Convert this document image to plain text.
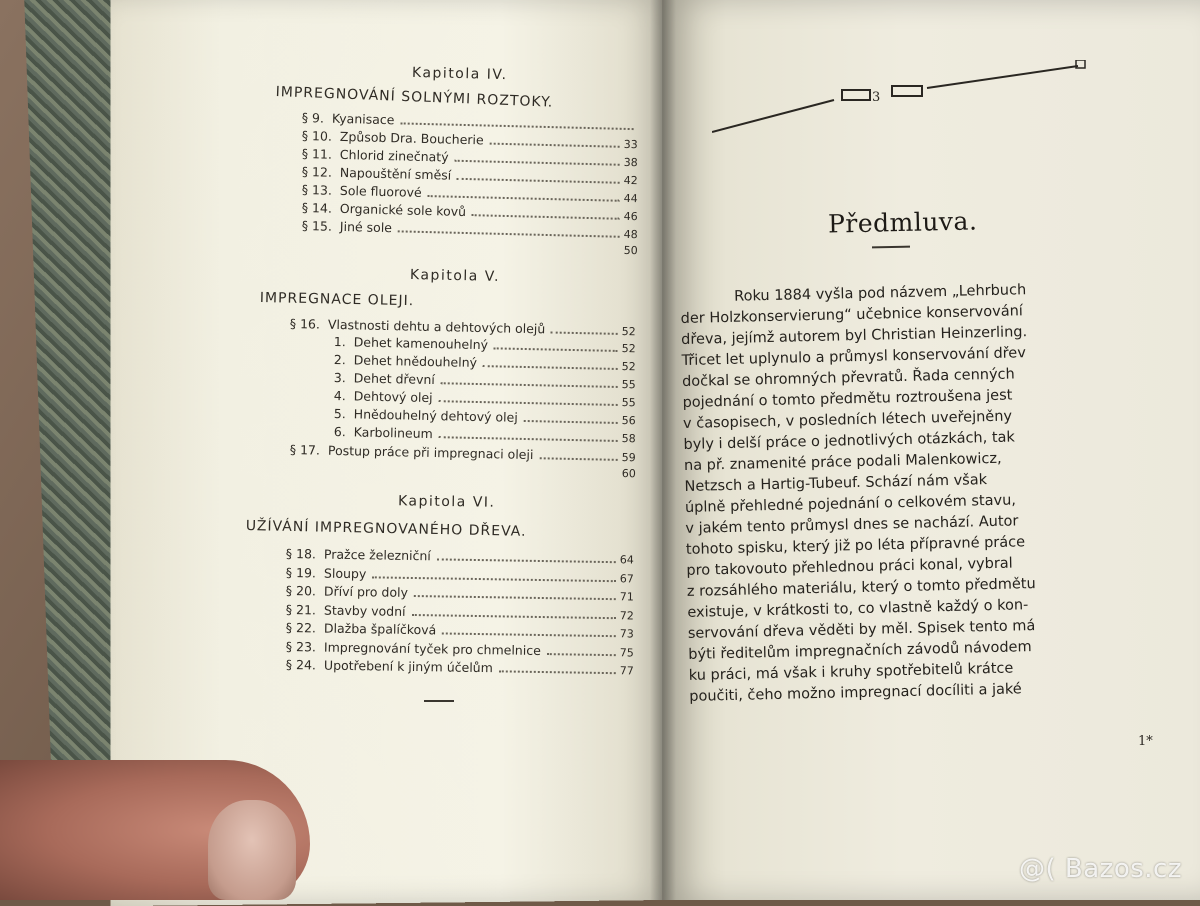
Kapitola IV.
IMPREGNOVÁNÍ SOLNÝMI ROZTOKY.
§ 9. Kyanisace
§ 10. Způsob Dra. Boucherie	33
§ 11. Chlorid zinečnatý	38
§ 12. Napouštění směsí	42
§ 13. Sole fluorové	44
§ 14. Organické sole kovů	46
§ 15. Jiné sole	48
50
Kapitola V.
IMPREGNACE OLEJI.
§ 16. Vlastnosti dehtu a dehtových olejů	52
1. Dehet kamenouhelný	52
2. Dehet hnědouhelný	52
3. Dehet dřevní	55
4. Dehtový olej	55
5. Hnědouhelný dehtový olej	56
6. Karbolineum	58
§ 17. Postup práce při impregnaci oleji	59
60
Kapitola VI.
UŽÍVÁNÍ IMPREGNOVANÉHO DŘEVA.
§ 18. Pražce železniční	64
§ 19. Sloupy	67
§ 20. Dříví pro doly	71
§ 21. Stavby vodní	72
§ 22. Dlažba špalíčková	73
§ 23. Impregnování tyček pro chmelnice	75
§ 24. Upotřebení k jiným účelům	77
3
Předmluva.
Roku 1884 vyšla pod názvem „Lehrbuch
der Holzkonservierung“ učebnice konservování
dřeva, jejímž autorem byl Christian Heinzerling.
Třicet let uplynulo a průmysl konservování dřev
dočkal se ohromných převratů. Řada cenných
pojednání o tomto předmětu roztroušena jest
v časopisech, v posledních létech uveřejněny
byly i delší práce o jednotlivých otázkách, tak
na př. znamenité práce podali Malenkowicz,
Netzsch a Hartig-Tubeuf. Schází nám však
úplně přehledné pojednání o celkovém stavu,
v jakém tento průmysl dnes se nachází. Autor
tohoto spisku, který již po léta přípravné práce
pro takovouto přehlednou práci konal, vybral
z rozsáhlého materiálu, který o tomto předmětu
existuje, v krátkosti to, co vlastně každý o kon-
servování dřeva věděti by měl. Spisek tento má
býti ředitelům impregnačních závodů návodem
ku práci, má však i kruhy spotřebitelů krátce
poučiti, čeho možno impregnací docíliti a jaké
1*
@( Bazos.cz
